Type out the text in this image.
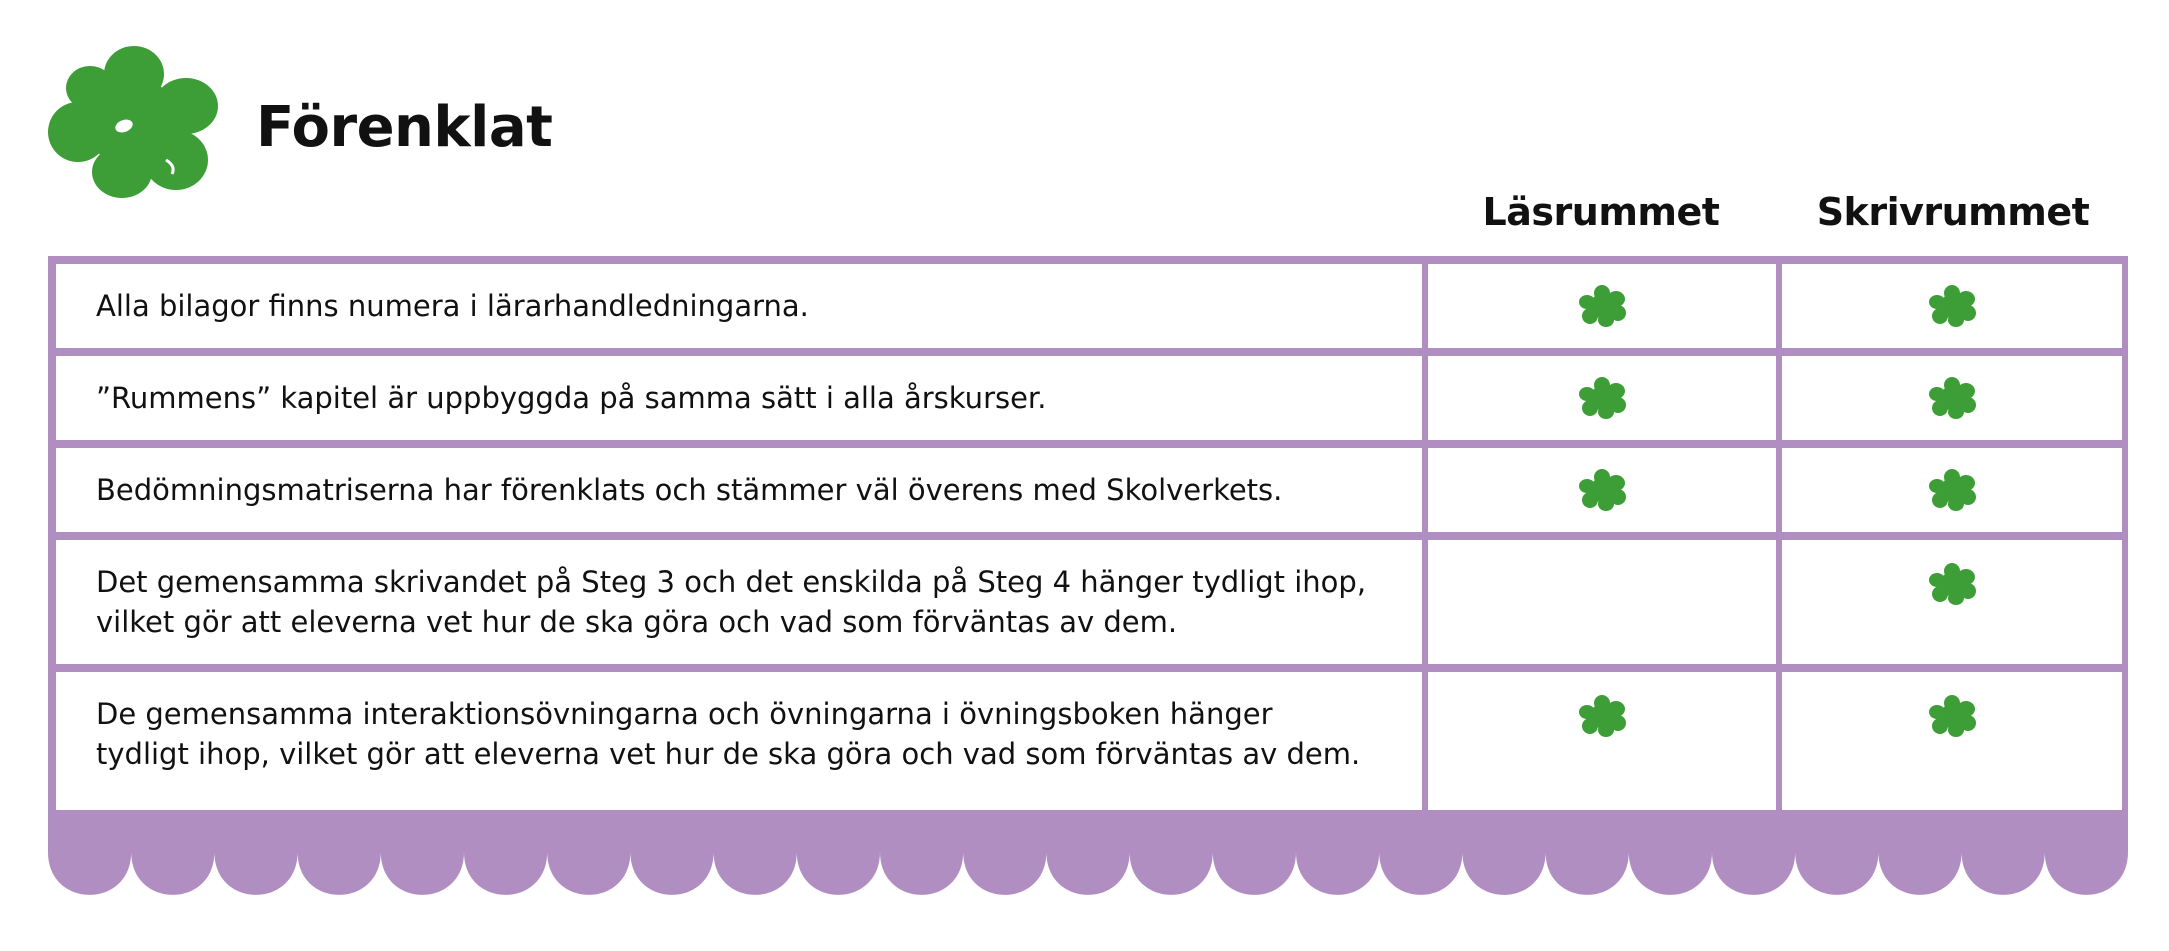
Förenklat
Läsrummet	Skrivrummet
Alla bilagor finns numera i lärarhandledningarna.
”Rummens” kapitel är uppbyggda på samma sätt i alla årskurser.
Bedömningsmatriserna har förenklats och stämmer väl överens med Skolverkets.
Det gemensamma skrivandet på Steg 3 och det enskilda på Steg 4 hänger tydligt ihop,
vilket gör att eleverna vet hur de ska göra och vad som förväntas av dem.
De gemensamma interaktionsövningarna och övningarna i övningsboken hänger
tydligt ihop, vilket gör att eleverna vet hur de ska göra och vad som förväntas av dem.
